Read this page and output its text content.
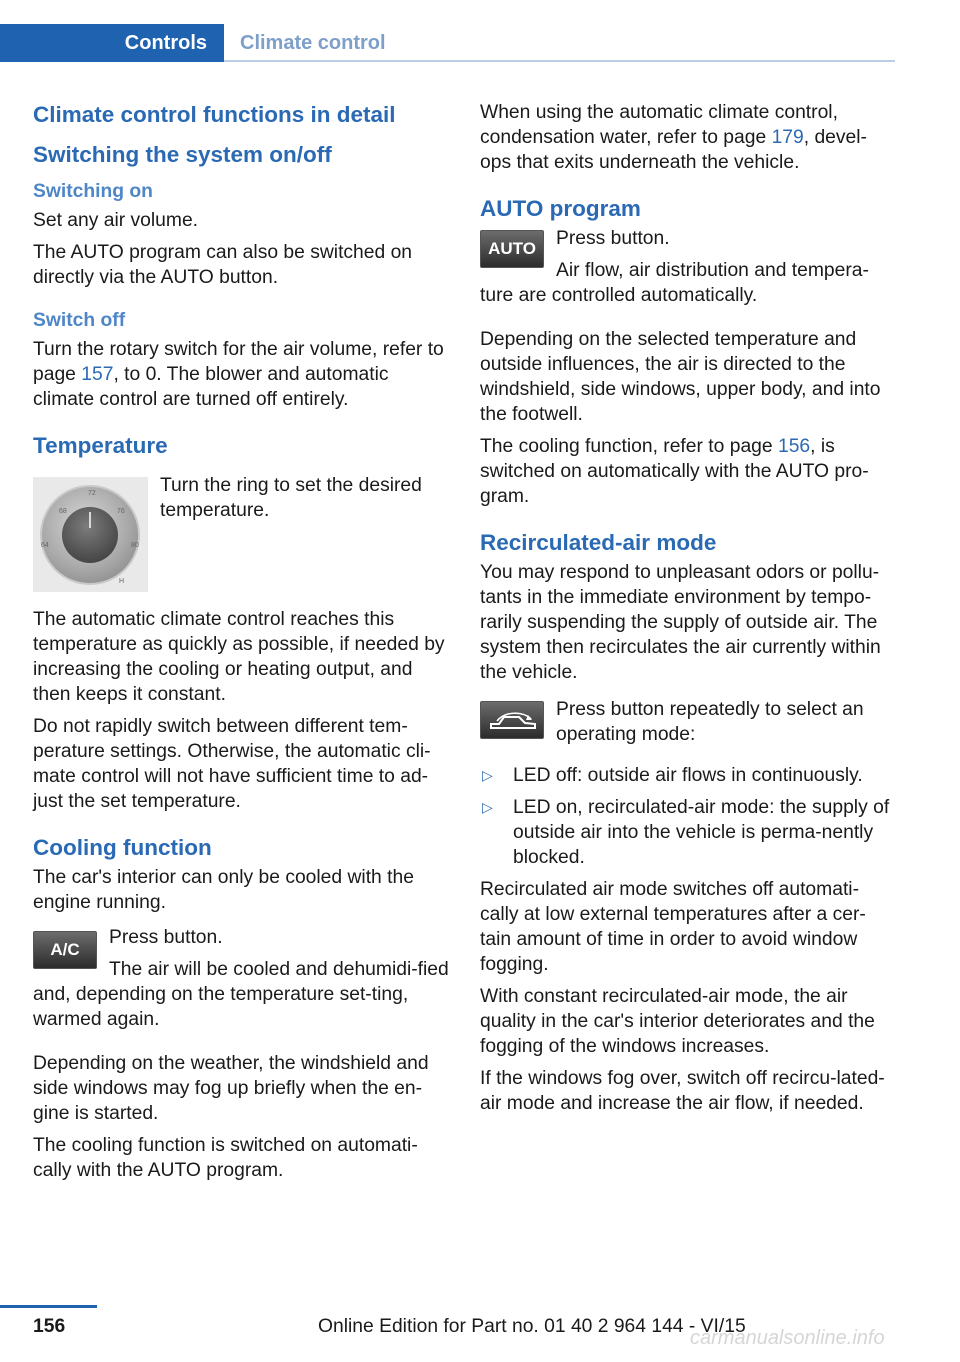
Controls	Climate control
Climate control functions in detail
Switching the system on/off
Switching on

Set any air volume.

The AUTO program can also be switched on directly via the AUTO button.

Switch off

Turn the rotary switch for the air volume, refer to page 157, to 0. The blower and automatic climate control are turned off entirely.

Temperature
72
68	76
64	80
H

Turn the ring to set the desired temperature.

The automatic climate control reaches this temperature as quickly as possible, if needed by increasing the cooling or heating output, and then keeps it constant.

Do not rapidly switch between different tem‐perature settings. Otherwise, the automatic cli‐mate control will not have sufficient time to ad‐just the set temperature.

Cooling function

The car's interior can only be cooled with the engine running.

A/C

Press button.

The air will be cooled and dehumidi‐fied and, depending on the temperature set‐ting, warmed again.

Depending on the weather, the windshield and side windows may fog up briefly when the en‐gine is started.

The cooling function is switched on automati‐cally with the AUTO program.

When using the automatic climate control, condensation water, refer to page 179, devel‐ops that exits underneath the vehicle.

AUTO program
AUTO	Press button.

Air flow, air distribution and tempera‐ture are controlled automatically.

Depending on the selected temperature and outside influences, the air is directed to the windshield, side windows, upper body, and into the footwell.

The cooling function, refer to page 156, is switched on automatically with the AUTO pro‐gram.

Recirculated-air mode

You may respond to unpleasant odors or pollu‐tants in the immediate environment by tempo‐rarily suspending the supply of outside air. The system then recirculates the air currently within the vehicle.

Press button repeatedly to select an operating mode:

▷ LED off: outside air flows in continuously.
▷ LED on, recirculated-air mode: the supply of outside air into the vehicle is perma‐nently blocked.

Recirculated air mode switches off automati‐cally at low external temperatures after a cer‐tain amount of time in order to avoid window fogging.

With constant recirculated-air mode, the air quality in the car's interior deteriorates and the fogging of the windows increases.

If the windows fog over, switch off recircu‐lated-air mode and increase the air flow, if needed.

156	Online Edition for Part no. 01 40 2 964 144 - VI/15
carmanualsonline.info
